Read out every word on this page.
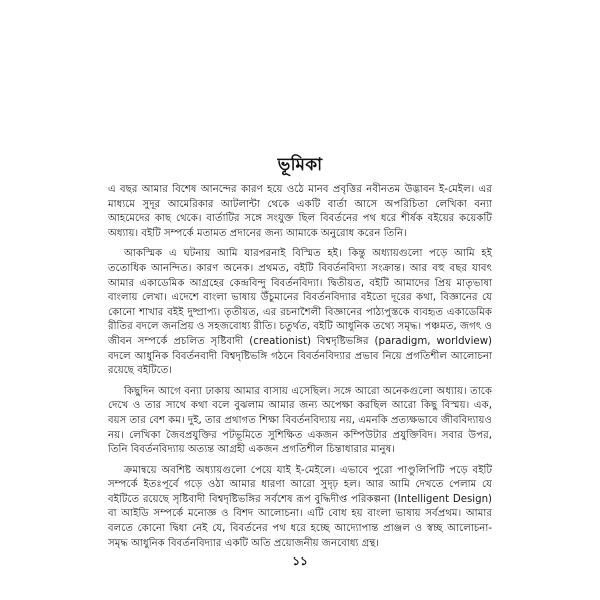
ভূমিকা

এ বছর আমার বিশেষ আনন্দের কারণ হয়ে ওঠে মানব প্রবৃত্তির নবীনতম উদ্ভাবন ই-মেইল। এর মাধ্যমে সুদূর আমেরিকার আটলান্টা থেকে একটি বার্তা আসে অপরিচিতা লেখিকা বন্যা আহমেদের কাছ থেকে। বার্তাটির সঙ্গে সংযুক্ত ছিল বিবর্তনের পথ ধরে শীর্ষক বইয়ের কয়েকটি অধ্যায়। বইটি সম্পর্কে মতামত প্রদানের জন্য আমাকে অনুরোধ করেন তিনি।

আকস্মিক এ ঘটনায় আমি যারপরনাই বিস্মিত হই। কিন্তু অধ্যায়গুলো পড়ে আমি হই ততোধিক আনন্দিত। কারণ অনেক। প্রথমত, বইটি বিবর্তনবিদ্যা সংক্রান্ত। আর বহু বছর যাবৎ আমার একাডেমিক আগ্রহের কেন্দ্রবিন্দু বিবর্তনবিদ্যা। দ্বিতীয়ত, বইটি আমাদের প্রিয় মাতৃভাষা বাংলায় লেখা। এদেশে বাংলা ভাষায় উঁচুমানের বিবর্তনবিদ্যার বইতো দূরের কথা, বিজ্ঞানের যে কোনো শাখার বইই দুষ্প্রাপ্য। তৃতীয়ত, এর রচনাশৈলী বিজ্ঞানের পাঠ্যপুস্তকে ব্যবহৃত একাডেমিক রীতির বদলে জনপ্রিয় ও সহজবোধ্য রীতি। চতুর্থত, বইটি আধুনিক তথ্যে সমৃদ্ধ। পঞ্চমত, জগৎ ও জীবন সম্পর্কে প্রচলিত সৃষ্টিবাদী (creationist) বিশ্বদৃষ্টিভঙ্গির (paradigm, worldview) বদলে আধুনিক বিবর্তনবাদী বিশ্বদৃষ্টিভঙ্গি গঠনে বিবর্তনবিদ্যার প্রভাব নিয়ে প্রগতিশীল আলোচনা রয়েছে বইটিতে।

কিছুদিন আগে বন্যা ঢাকায় আমার বাসায় এসেছিল। সঙ্গে আরো অনেকগুলো অধ্যায়। তাকে দেখে ও তার সাথে কথা বলে বুঝলাম আমার জন্য অপেক্ষা করছিল আরো কিছু বিস্ময়। এক, বয়স তার বেশ কম। দুই, তার প্রথাগত শিক্ষা বিবর্তনবিদ্যায় নয়, এমনকি প্রত্যক্ষভাবে জীববিদ্যায়ও নয়। লেখিকা জৈবপ্রযুক্তির পটভূমিতে সুশিক্ষিত একজন কম্পিউটার প্রযুক্তিবিদ। সবার উপর, তিনি বিবর্তনবিদ্যায় অত্যন্ত আগ্রহী একজন প্রগতিশীল চিন্তাধারার মানুষ।

ক্রমান্বয়ে অবশিষ্ট অধ্যায়গুলো পেয়ে যাই ই-মেইলে। এভাবে পুরো পাণ্ডুলিপিটি পড়ে বইটি সম্পর্কে ইতঃপূর্বে গড়ে ওঠা আমার ধারণা আরো সুদৃঢ় হল। আর আমি দেখতে পেলাম যে বইটিতে রয়েছে সৃষ্টিবাদী বিশ্বদৃষ্টিভঙ্গির সর্বশেষ রূপ বুদ্ধিদীপ্ত পরিকল্পনা (Intelligent Design) বা আইডি সম্পর্কে মনোজ্ঞ ও বিশদ আলোচনা। এটি বোধ হয় বাংলা ভাষায় সর্বপ্রথম। আমার বলতে কোনো দ্বিধা নেই যে, বিবর্তনের পথ ধরে হচ্ছে আদ্যোপান্ত প্রাঞ্জল ও স্বচ্ছ আলোচনা-সমৃদ্ধ আধুনিক বিবর্তনবিদ্যার একটি অতি প্রয়োজনীয় জনবোধ্য গ্রন্থ।

১১
